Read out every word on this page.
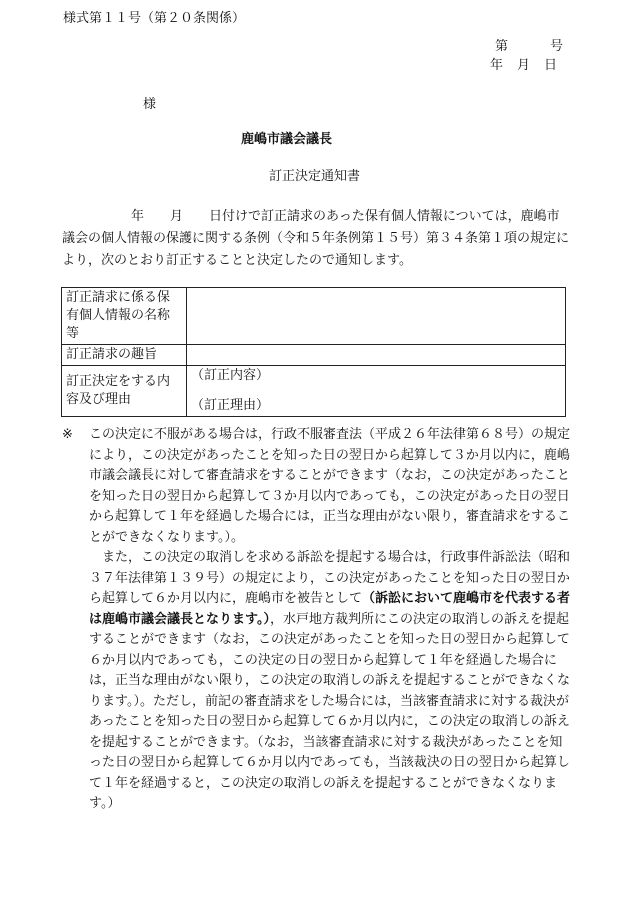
様式第１１号（第２０条関係）
第	号
年 月 日
様
鹿嶋市議会議長
訂正決定通知書

年　　月　　日付けで訂正請求のあった保有個人情報については，鹿嶋市議会の個人情報の保護に関する条例（令和５年条例第１５号）第３４条第１項の規定により，次のとおり訂正することと決定したので通知します。

訂正請求に係る保有個人情報の名称等	
訂正請求の趣旨	
訂正決定をする内容及び理由	（訂正内容）
（訂正理由）

※ この決定に不服がある場合は，行政不服審査法（平成２６年法律第６８号）の規定により，この決定があったことを知った日の翌日から起算して３か月以内に，鹿嶋市議会議長に対して審査請求をすることができます（なお，この決定があったことを知った日の翌日から起算して３か月以内であっても，この決定があった日の翌日から起算して１年を経過した場合には，正当な理由がない限り，審査請求をすることができなくなります。）。

また，この決定の取消しを求める訴訟を提起する場合は，行政事件訴訟法（昭和３７年法律第１３９号）の規定により，この決定があったことを知った日の翌日から起算して６か月以内に，鹿嶋市を被告として（訴訟において鹿嶋市を代表する者は鹿嶋市議会議長となります。），水戸地方裁判所にこの決定の取消しの訴えを提起することができます（なお，この決定があったことを知った日の翌日から起算して６か月以内であっても，この決定の日の翌日から起算して１年を経過した場合には，正当な理由がない限り，この決定の取消しの訴えを提起することができなくなります。）。ただし，前記の審査請求をした場合には，当該審査請求に対する裁決があったことを知った日の翌日から起算して６か月以内に，この決定の取消しの訴えを提起することができます。（なお，当該審査請求に対する裁決があったことを知った日の翌日から起算して６か月以内であっても，当該裁決の日の翌日から起算して１年を経過すると，この決定の取消しの訴えを提起することができなくなります。）
